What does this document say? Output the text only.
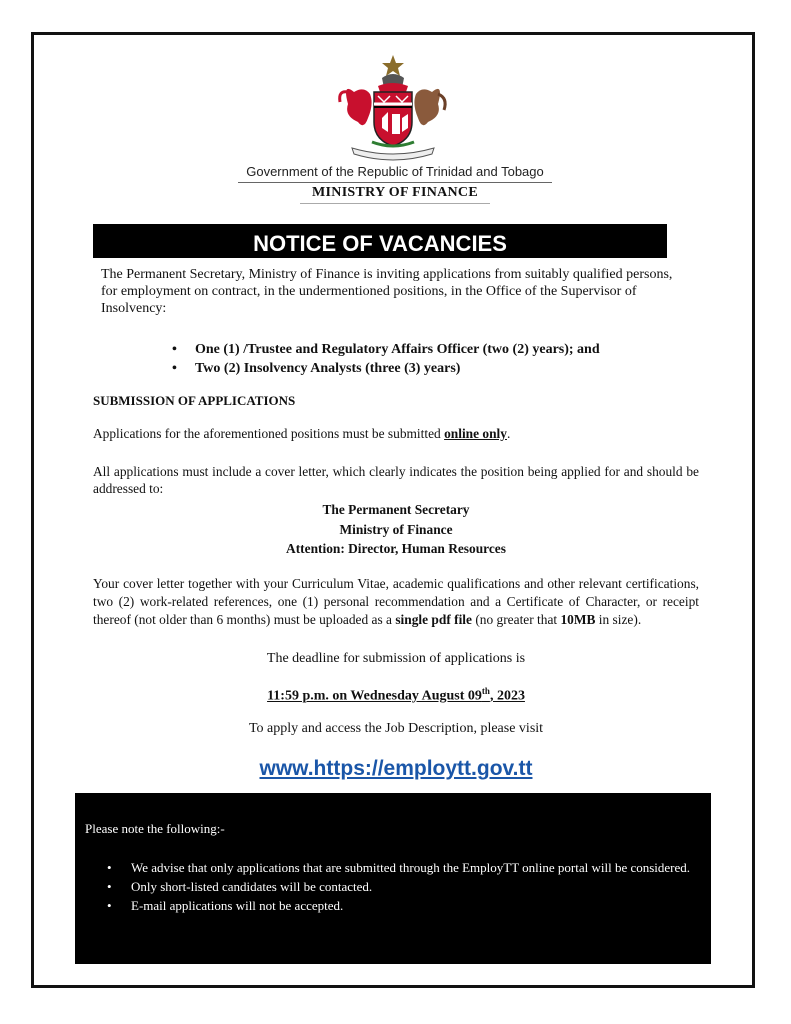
Government of the Republic of Trinidad and Tobago
MINISTRY OF FINANCE
NOTICE OF VACANCIES
The Permanent Secretary, Ministry of Finance is inviting applications from suitably qualified persons, for employment on contract, in the undermentioned positions, in the Office of the Supervisor of Insolvency:
• One (1) /Trustee and Regulatory Affairs Officer (two (2) years); and
• Two (2) Insolvency Analysts (three (3) years)
SUBMISSION OF APPLICATIONS
Applications for the aforementioned positions must be submitted online only.
All applications must include a cover letter, which clearly indicates the position being applied for and should be addressed to:
The Permanent Secretary
Ministry of Finance
Attention: Director, Human Resources
Your cover letter together with your Curriculum Vitae, academic qualifications and other relevant certifications, two (2) work-related references, one (1) personal recommendation and a Certificate of Character, or receipt thereof (not older than 6 months) must be uploaded as a single pdf file (no greater that 10MB in size).
The deadline for submission of applications is
11:59 p.m. on Wednesday August 09th, 2023
To apply and access the Job Description, please visit
www.https://employtt.gov.tt
Please note the following:-
• We advise that only applications that are submitted through the EmployTT online portal will be considered.
• Only short-listed candidates will be contacted.
• E-mail applications will not be accepted.
